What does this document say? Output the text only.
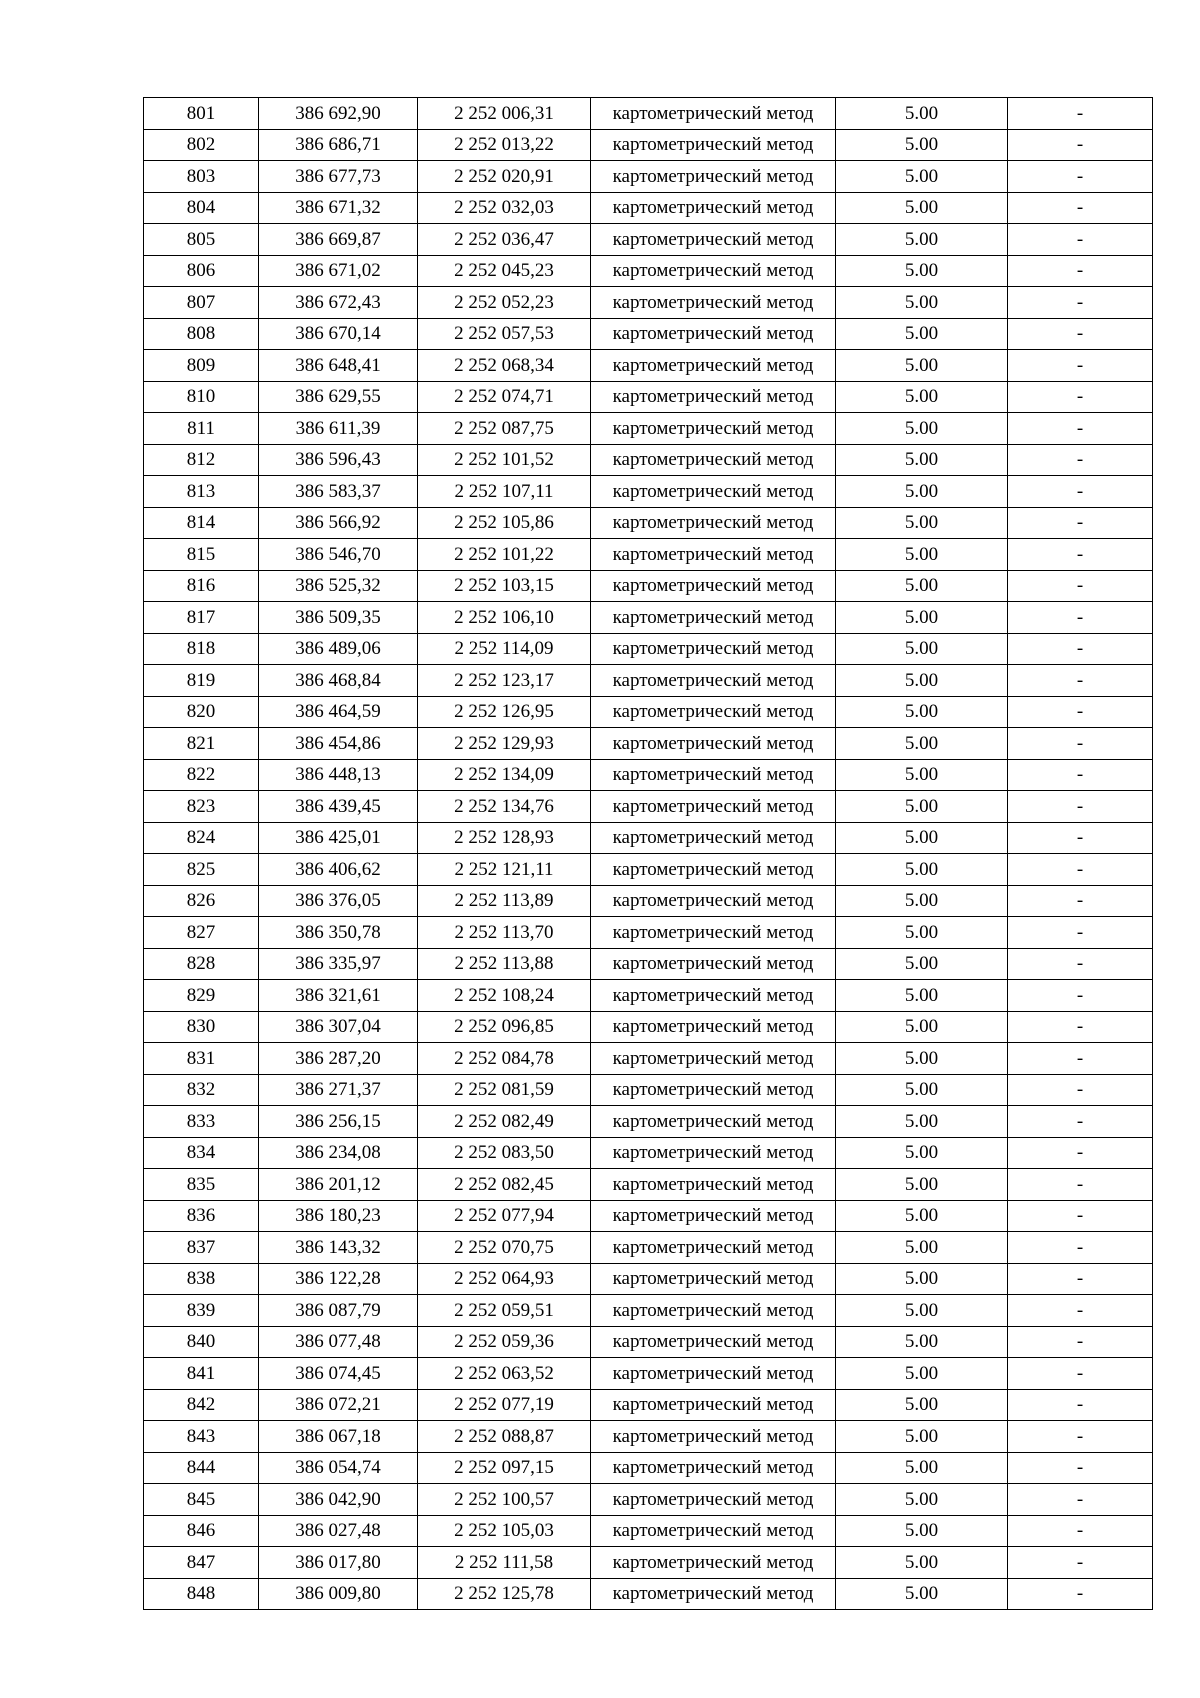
801	386 692,90	2 252 006,31	картометрический метод	5.00	-
802	386 686,71	2 252 013,22	картометрический метод	5.00	-
803	386 677,73	2 252 020,91	картометрический метод	5.00	-
804	386 671,32	2 252 032,03	картометрический метод	5.00	-
805	386 669,87	2 252 036,47	картометрический метод	5.00	-
806	386 671,02	2 252 045,23	картометрический метод	5.00	-
807	386 672,43	2 252 052,23	картометрический метод	5.00	-
808	386 670,14	2 252 057,53	картометрический метод	5.00	-
809	386 648,41	2 252 068,34	картометрический метод	5.00	-
810	386 629,55	2 252 074,71	картометрический метод	5.00	-
811	386 611,39	2 252 087,75	картометрический метод	5.00	-
812	386 596,43	2 252 101,52	картометрический метод	5.00	-
813	386 583,37	2 252 107,11	картометрический метод	5.00	-
814	386 566,92	2 252 105,86	картометрический метод	5.00	-
815	386 546,70	2 252 101,22	картометрический метод	5.00	-
816	386 525,32	2 252 103,15	картометрический метод	5.00	-
817	386 509,35	2 252 106,10	картометрический метод	5.00	-
818	386 489,06	2 252 114,09	картометрический метод	5.00	-
819	386 468,84	2 252 123,17	картометрический метод	5.00	-
820	386 464,59	2 252 126,95	картометрический метод	5.00	-
821	386 454,86	2 252 129,93	картометрический метод	5.00	-
822	386 448,13	2 252 134,09	картометрический метод	5.00	-
823	386 439,45	2 252 134,76	картометрический метод	5.00	-
824	386 425,01	2 252 128,93	картометрический метод	5.00	-
825	386 406,62	2 252 121,11	картометрический метод	5.00	-
826	386 376,05	2 252 113,89	картометрический метод	5.00	-
827	386 350,78	2 252 113,70	картометрический метод	5.00	-
828	386 335,97	2 252 113,88	картометрический метод	5.00	-
829	386 321,61	2 252 108,24	картометрический метод	5.00	-
830	386 307,04	2 252 096,85	картометрический метод	5.00	-
831	386 287,20	2 252 084,78	картометрический метод	5.00	-
832	386 271,37	2 252 081,59	картометрический метод	5.00	-
833	386 256,15	2 252 082,49	картометрический метод	5.00	-
834	386 234,08	2 252 083,50	картометрический метод	5.00	-
835	386 201,12	2 252 082,45	картометрический метод	5.00	-
836	386 180,23	2 252 077,94	картометрический метод	5.00	-
837	386 143,32	2 252 070,75	картометрический метод	5.00	-
838	386 122,28	2 252 064,93	картометрический метод	5.00	-
839	386 087,79	2 252 059,51	картометрический метод	5.00	-
840	386 077,48	2 252 059,36	картометрический метод	5.00	-
841	386 074,45	2 252 063,52	картометрический метод	5.00	-
842	386 072,21	2 252 077,19	картометрический метод	5.00	-
843	386 067,18	2 252 088,87	картометрический метод	5.00	-
844	386 054,74	2 252 097,15	картометрический метод	5.00	-
845	386 042,90	2 252 100,57	картометрический метод	5.00	-
846	386 027,48	2 252 105,03	картометрический метод	5.00	-
847	386 017,80	2 252 111,58	картометрический метод	5.00	-
848	386 009,80	2 252 125,78	картометрический метод	5.00	-
